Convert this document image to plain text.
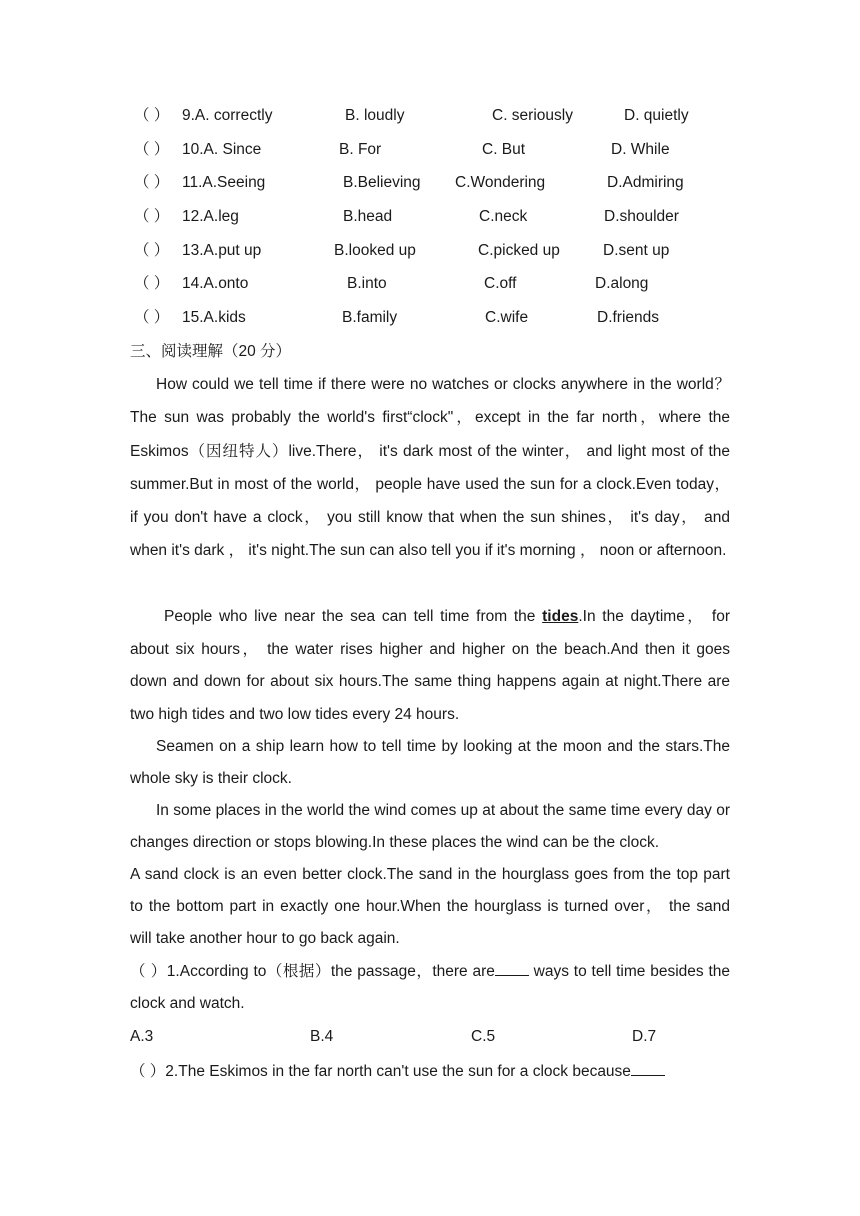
（ ） 9.A. correctly	B. loudly	C. seriously	D. quietly
（ ） 10.A. Since	B. For	C. But	D. While
（ ） 11.A.Seeing	B.Believing C.Wondering	D.Admiring
（ ） 12.A.leg	B.head	C.neck	D.shoulder
（ ） 13.A.put up	B.looked up	C.picked up	D.sent up
（ ） 14.A.onto	B.into	C.off	D.along
（ ） 15.A.kids	B.family	C.wife	D.friends
三、阅读理解（20 分）
How could we tell time if there were no watches or clocks anywhere in the world？The sun was probably the world's first“clock"，except in the far north，where the Eskimos（因纽特人）live.There， it's dark most of the winter， and light most of the summer.But in most of the world， people have used the sun for a clock.Even today， if you don't have a clock， you still know that when the sun shines， it's day， and when it's dark ， it's night.The sun can also tell you if it's morning ， noon or afternoon.
People who live near the sea can tell time from the tides.In the daytime， for about six hours， the water rises higher and higher on the beach.And then it goes down and down for about six hours.The same thing happens again at night.There are two high tides and two low tides every 24 hours.
Seamen on a ship learn how to tell time by looking at the moon and the stars.The whole sky is their clock.
In some places in the world the wind comes up at about the same time every day or changes direction or stops blowing.In these places the wind can be the clock.
A sand clock is an even better clock.The sand in the hourglass goes from the top part to the bottom part in exactly one hour.When the hourglass is turned over， the sand will take another hour to go back again.
（ ）1.According to（根据）the passage，there are ways to tell time besides the clock and watch.
A.3	B.4	C.5	D.7
（ ）2.The Eskimos in the far north can't use the sun for a clock because
